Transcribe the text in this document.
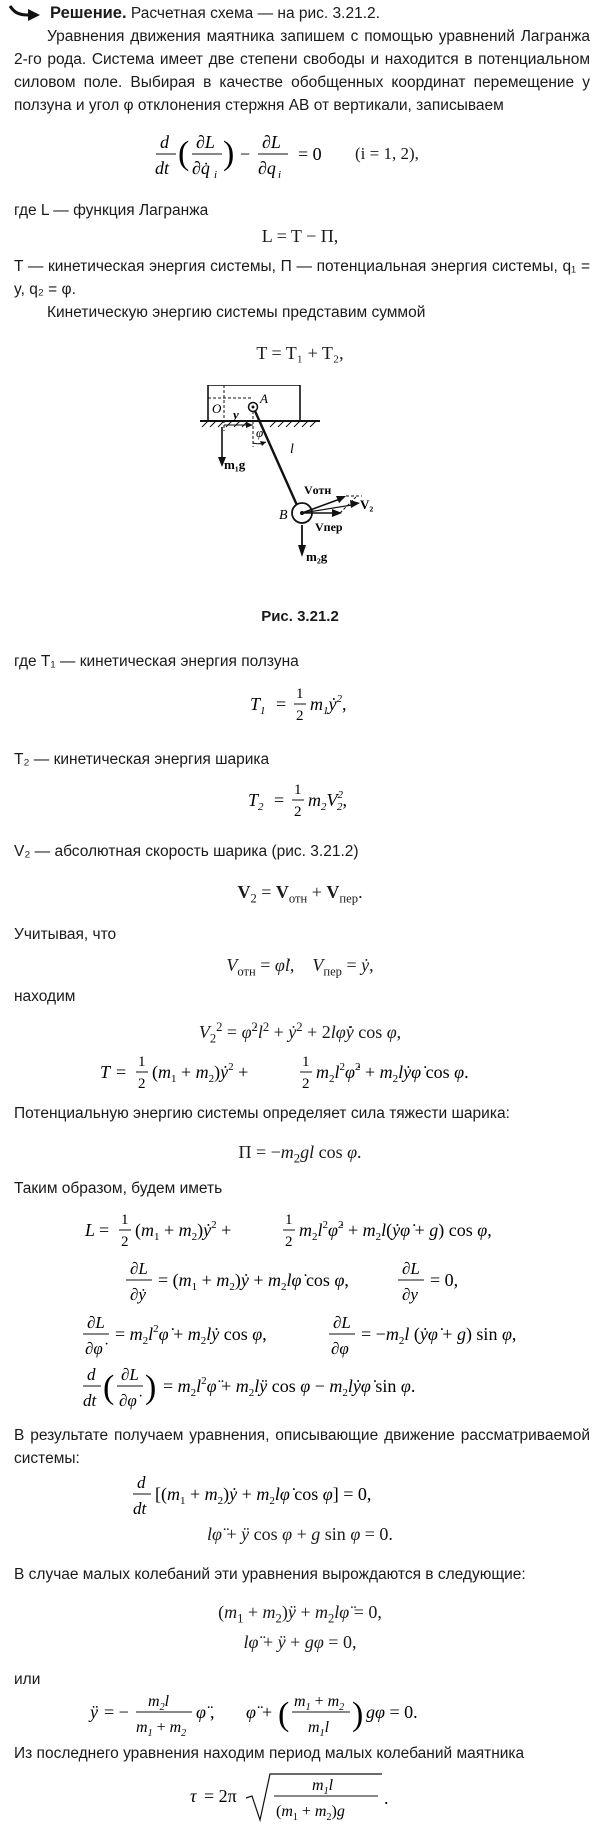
Решение. Расчетная схема — на рис. 3.21.2.
Уравнения движения маятника запишем с помощью уравнений Лагранжа 2-го рода. Система имеет две степени свободы и находится в потенциальном силовом поле. Выбирая в качестве обобщенных координат перемещение y ползуна и угол φ отклонения стержня AB от вертикали, записываем
d
dt ( ∂L
∂q̇ i
) −
∂L
∂q i
= 0 (i = 1, 2),
где L — функция Лагранжа
L = T − Π,
T — кинетическая энергия системы, Π — потенциальная энергия системы, q₁ = y, q₂ = φ.
Кинетическую энергию системы представим суммой
T = T₁ + T₂,
y
O
A
φ
m₁g
l
B
m₂g
Vотн
Vпер
V₂
Рис. 3.21.2
где T₁ — кинетическая энергия ползуна
$T_1 = 1$
2
$m_1ẏ^2$,
T₂ — кинетическая энергия шарика
$T_2 = 1$
2
$m_2V^2$ 2,
V₂ — абсолютная скорость шарика (рис. 3.21.2)
$V_2 = V_{отн} + V_{пер}$.
Учитывая, что
$V_{отн}$ = φ̇l,    $V_{пер}$ = ẏ,
находим
$V_2^2$ = $\varphi̇^2l^2$ + ẏ$^2$ + 2lφ̇ẏ cos φ,
T = 1
2
($m_1$ + $m_2)ẏ^2$ +	1
2
$m_2l^2\varphi̇^2$ + $m_2lẏ\varphi̇$ cos φ.
Потенциальную энергию системы определяет сила тяжести шарика:
$\Pi = -m_2gl$ cos φ.
Таким образом, будем иметь
L = 1
2
($m_1$ + $m_2)ẏ^2$ +	1
2
$m_2l^2\varphi̇^2$ + $m_2l(ẏ\varphi̇ + g)$ cos φ,
∂L
∂ẏ
= ($m_1$ + $m_2)ẏ$ + $m_2l\varphi̇$ cos φ,
∂L
∂y
= 0,
∂L
∂φ̇
= $m_2l^2\varphi̇$ + $m_2lẏ$ cos φ,
∂L
∂φ
= $-m_2l$ (ẏφ̇ + g) sin φ,
d
dt ( ∂L
∂φ̇ ) = $m_2l^2\varphï$ + $m_2lÿ$ $\cos \varphi - m_2lẏ\varphi̇$ sin φ.
В результате получаем уравнения, описывающие движение рассматриваемой системы:
d
dt
[($m_1$ + $m_2)ẏ$ + $m_2l\varphi̇$ cos φ] = 0,
lφ̈ + ÿ cos φ + g sin φ = 0.
В случае малых колебаний эти уравнения вырождаются в следующие:
($m_1$ + $m_2)ÿ$ + $m_2l\varphï = 0$,
lφ̈ + ÿ + gφ = 0,
или
ÿ = −
$m_2l$
$m_1 + m_2$
φ̈ , φ̈ + ( $m_1 + m_2$
$m_1l$ ) gφ = 0.
Из последнего уравнения находим период малых колебаний маятника
τ = 2π
$m_1l$
$(m_1 + m_2)g$
.
